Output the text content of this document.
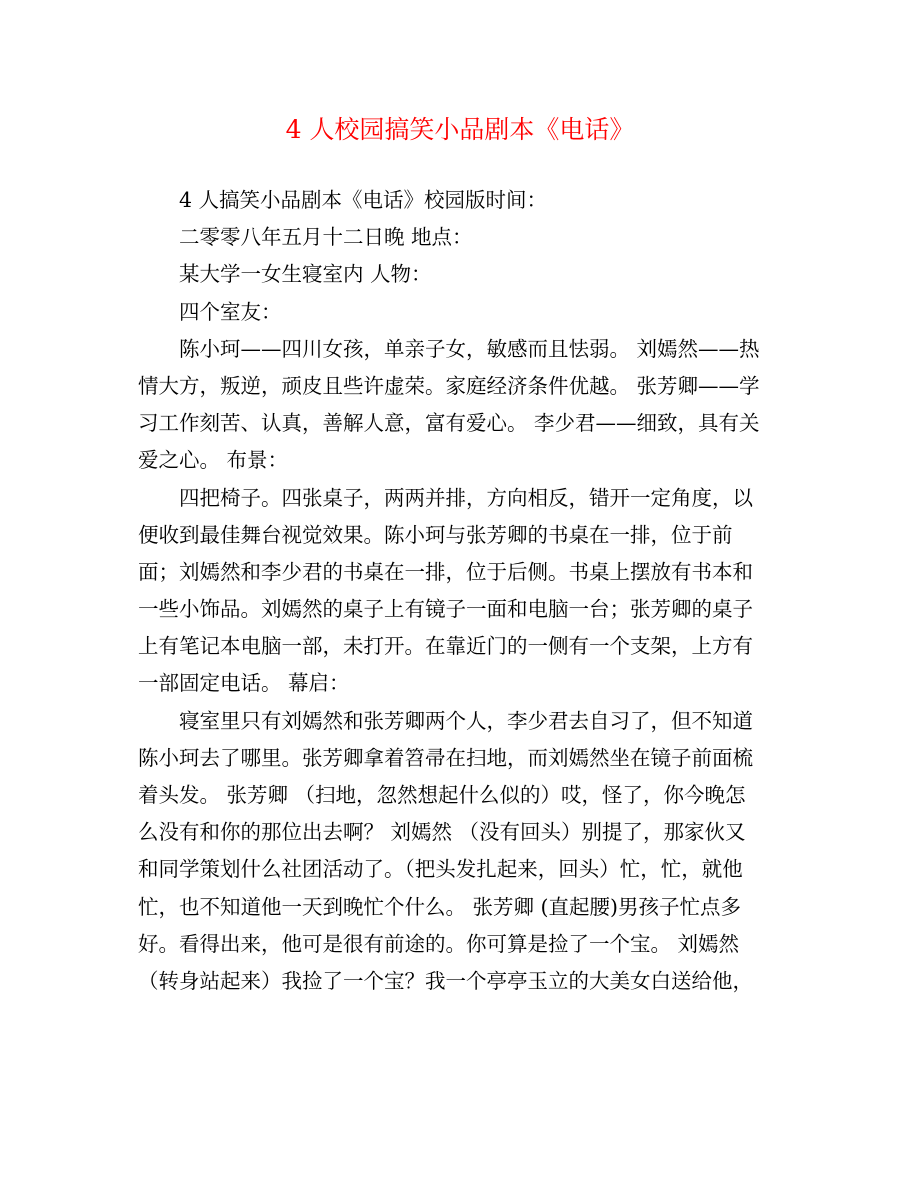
4 人校园搞笑小品剧本《电话》
4 人搞笑小品剧本《电话》校园版时间：
二零零八年五月十二日晚 地点：
某大学一女生寝室内 人物：
四个室友：
陈小珂——四川女孩，单亲子女，敏感而且怯弱。 刘嫣然——热
情大方，叛逆，顽皮且些许虚荣。家庭经济条件优越。 张芳卿——学
习工作刻苦、认真，善解人意，富有爱心。 李少君——细致，具有关
爱之心。 布景：
四把椅子。四张桌子，两两并排，方向相反，错开一定角度，以
便收到最佳舞台视觉效果。陈小珂与张芳卿的书桌在一排，位于前
面；刘嫣然和李少君的书桌在一排，位于后侧。书桌上摆放有书本和
一些小饰品。刘嫣然的桌子上有镜子一面和电脑一台；张芳卿的桌子
上有笔记本电脑一部，未打开。在靠近门的一侧有一个支架，上方有
一部固定电话。 幕启：
寝室里只有刘嫣然和张芳卿两个人，李少君去自习了，但不知道
陈小珂去了哪里。张芳卿拿着笤帚在扫地，而刘嫣然坐在镜子前面梳
着头发。 张芳卿 （扫地，忽然想起什么似的）哎，怪了，你今晚怎
么没有和你的那位出去啊？ 刘嫣然 （没有回头）别提了，那家伙又
和同学策划什么社团活动了。（把头发扎起来，回头）忙，忙，就他
忙，也不知道他一天到晚忙个什么。 张芳卿 (直起腰)男孩子忙点多
好。看得出来，他可是很有前途的。你可算是捡了一个宝。 刘嫣然
（转身站起来）我捡了一个宝？我一个亭亭玉立的大美女白送给他，
